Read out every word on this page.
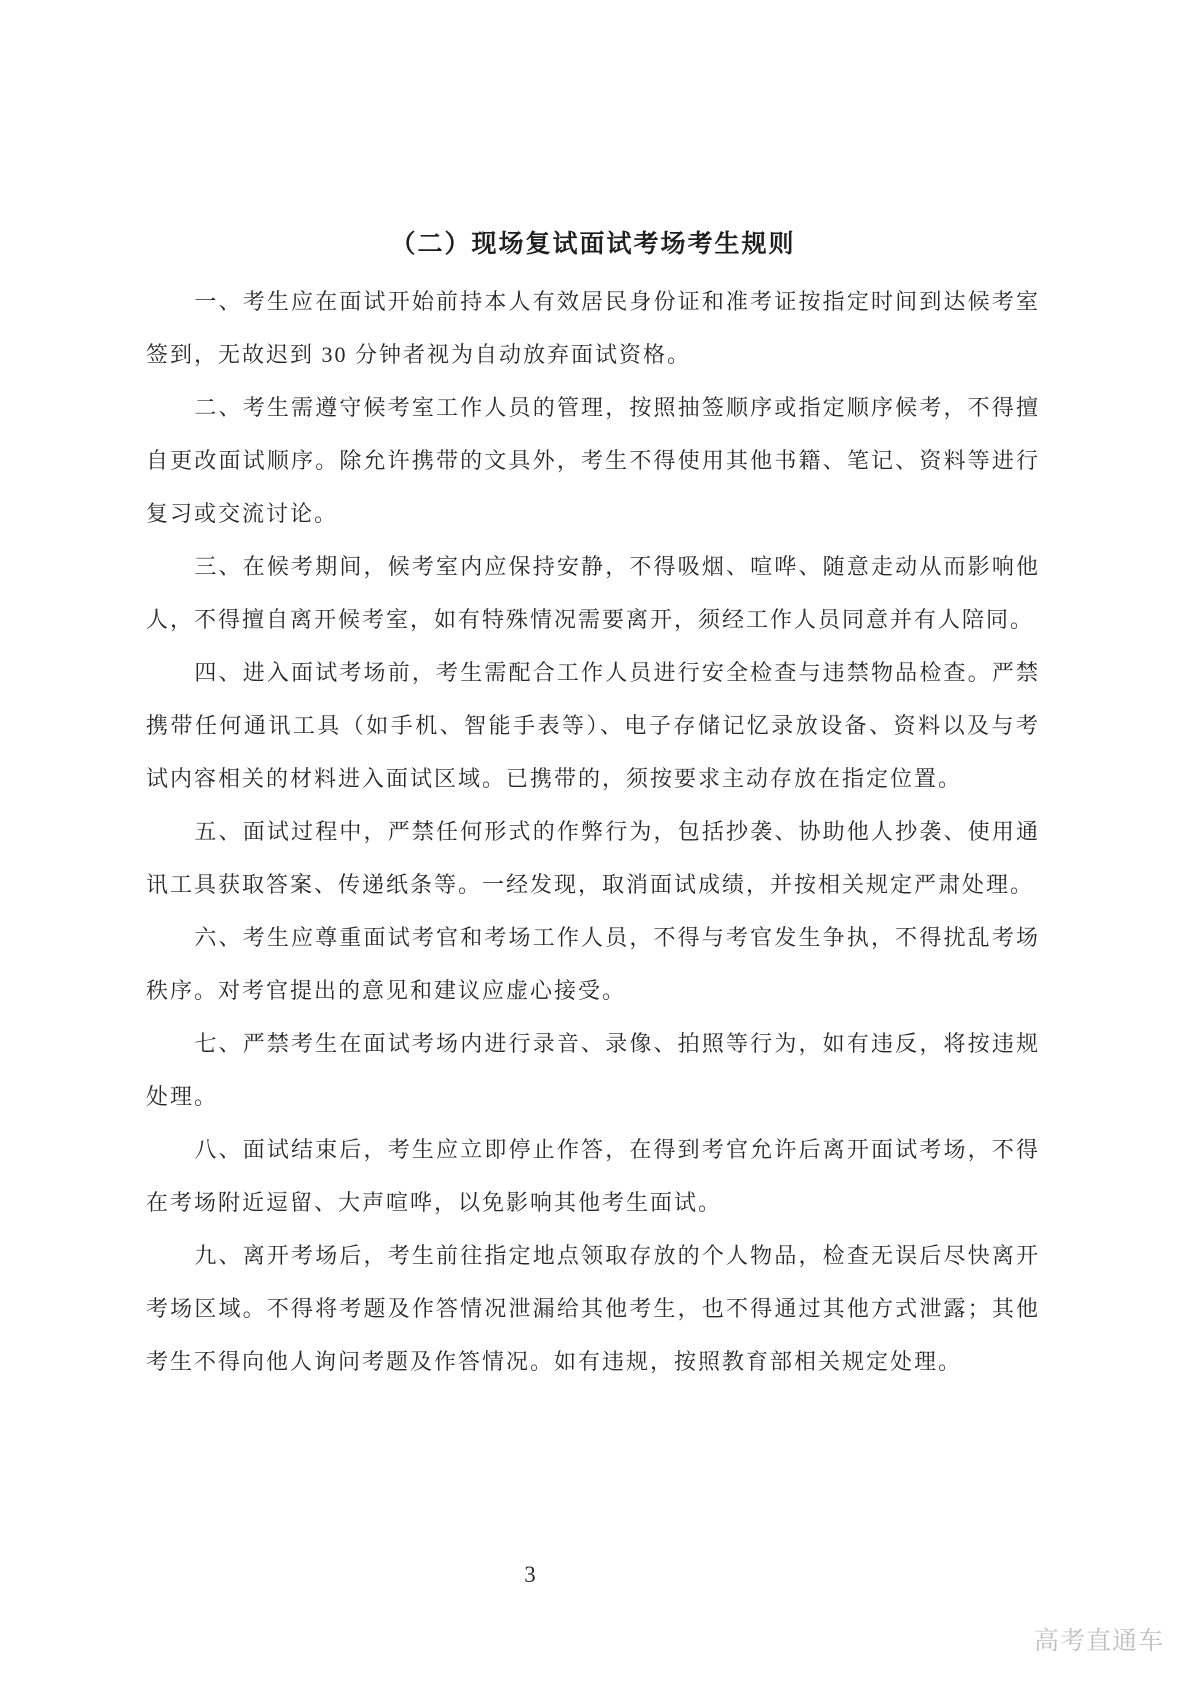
（二）现场复试面试考场考生规则

一、考生应在面试开始前持本人有效居民身份证和准考证按指定时间到达候考室签到，无故迟到 30 分钟者视为自动放弃面试资格。

二、考生需遵守候考室工作人员的管理，按照抽签顺序或指定顺序候考，不得擅自更改面试顺序。除允许携带的文具外，考生不得使用其他书籍、笔记、资料等进行复习或交流讨论。

三、在候考期间，候考室内应保持安静，不得吸烟、喧哗、随意走动从而影响他人，不得擅自离开候考室，如有特殊情况需要离开，须经工作人员同意并有人陪同。

四、进入面试考场前，考生需配合工作人员进行安全检查与违禁物品检查。严禁携带任何通讯工具（如手机、智能手表等）、电子存储记忆录放设备、资料以及与考试内容相关的材料进入面试区域。已携带的，须按要求主动存放在指定位置。

五、面试过程中，严禁任何形式的作弊行为，包括抄袭、协助他人抄袭、使用通讯工具获取答案、传递纸条等。一经发现，取消面试成绩，并按相关规定严肃处理。

六、考生应尊重面试考官和考场工作人员，不得与考官发生争执，不得扰乱考场秩序。对考官提出的意见和建议应虚心接受。

七、严禁考生在面试考场内进行录音、录像、拍照等行为，如有违反，将按违规处理。

八、面试结束后，考生应立即停止作答，在得到考官允许后离开面试考场，不得在考场附近逗留、大声喧哗，以免影响其他考生面试。

九、离开考场后，考生前往指定地点领取存放的个人物品，检查无误后尽快离开考场区域。不得将考题及作答情况泄漏给其他考生，也不得通过其他方式泄露；其他考生不得向他人询问考题及作答情况。如有违规，按照教育部相关规定处理。

3
高考直通车
